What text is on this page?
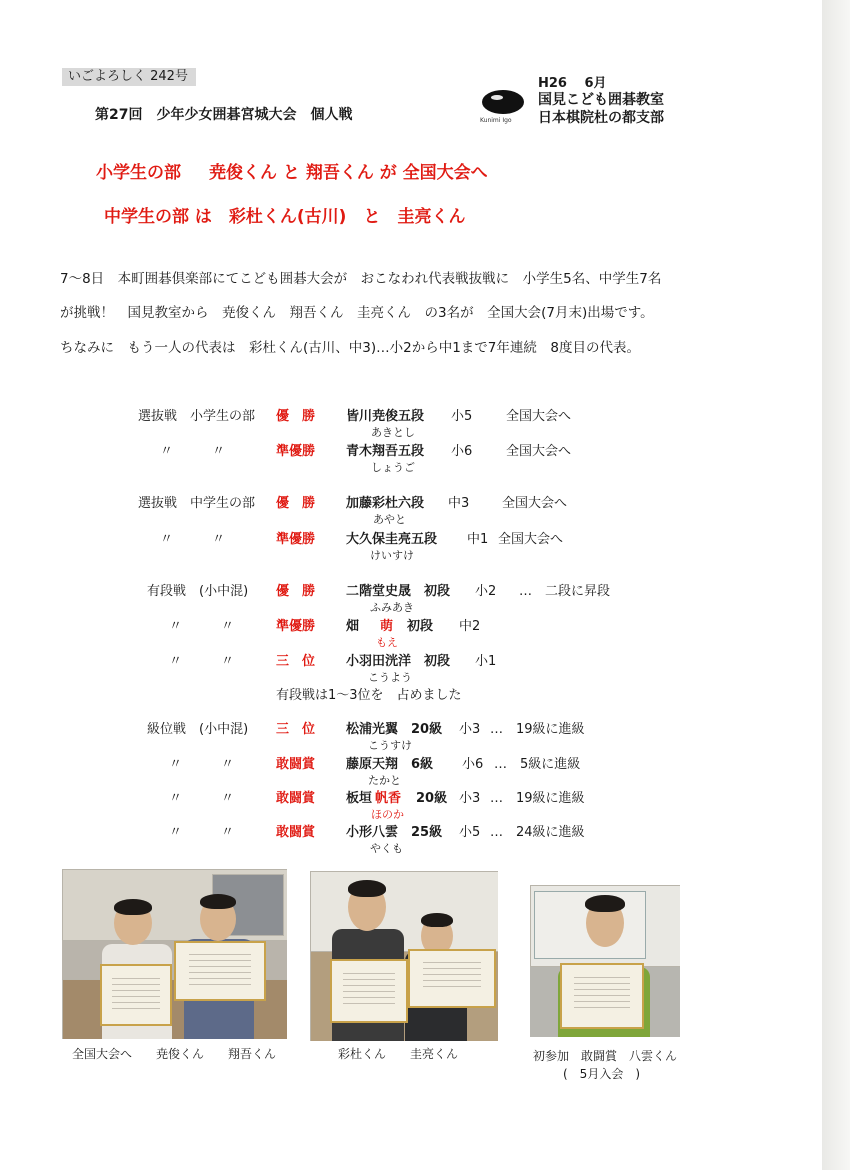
いごよろしく 242号
第27回　少年少女囲碁宮城大会　個人戦	Kunimi Igo
H26　 6月
国見こども囲碁教室
日本棋院杜の都支部
小学生の部 尭俊くん と 翔吾くん が 全国大会へ
中学生の部 は　彩杜くん(古川)　と　圭亮くん
7～8日　本町囲碁倶楽部にてこども囲碁大会が　おこなわれ代表戦抜戦に　小学生5名、中学生7名
が挑戦！　国見教室から　尭俊くん　翔吾くん　圭亮くん　の3名が　全国大会(7月末)出場です。
ちなみに　もう一人の代表は　彩杜くん(古川、中3)…小2から中1まで7年連続　8度目の代表。
選抜戦　小学生の部 優　勝 皆川尭俊五段 小5	全国大会へ
あきとし
〃　　　〃	準優勝 青木翔吾五段 小6	全国大会へ
しょうご
選抜戦　中学生の部 優　勝 加藤彩杜六段 中3	全国大会へ
あやと
〃　　　〃	準優勝 大久保圭亮五段 中1 全国大会へ
けいすけ
有段戦　(小中混) 優　勝 二階堂史晟　初段 小2 …　二段に昇段
ふみあき
〃　　　〃	準優勝 畑 萌 初段 中2
もえ
〃　　　〃	三　位 小羽田洸洋　初段 小1
こうよう
有段戦は1～3位を　占めました
級位戦　(小中混) 三　位 松浦光翼　20級 小3 …　19級に進級
こうすけ
〃　　　〃	敢闘賞 藤原天翔　6級 小6 …　5級に進級
たかと
〃　　　〃	敢闘賞 板垣 帆香 20級 小3 …　19級に進級
ほのか
〃　　　〃	敢闘賞 小形八雲　25級 小5 …　24級に進級
やくも
全国大会へ　　尭俊くん　　翔吾くん	彩杜くん　　圭亮くん	初参加　敢闘賞　八雲くん
(　5月入会　)
